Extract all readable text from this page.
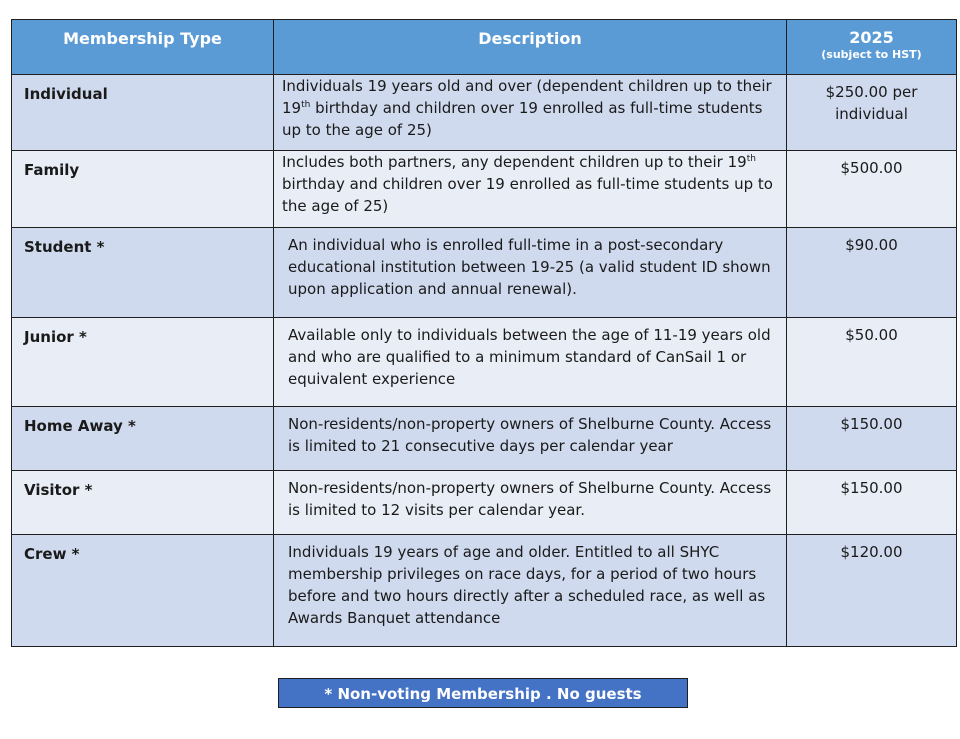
Membership Type	Description	2025
(subject to HST)

Individual	Individuals 19 years old and over (dependent children up to their 19th birthday and children over 19 enrolled as full-time students up to the age of 25)	$250.00 per individual
Family	Includes both partners, any dependent children up to their 19th birthday and children over 19 enrolled as full-time students up to the age of 25)	$500.00
Student *	An individual who is enrolled full-time in a post-secondary educational institution between 19-25 (a valid student ID shown upon application and annual renewal).	$90.00
Junior *	Available only to individuals between the age of 11-19 years old and who are qualified to a minimum standard of CanSail 1 or equivalent experience	$50.00
Home Away *	Non-residents/non-property owners of Shelburne County. Access is limited to 21 consecutive days per calendar year	$150.00
Visitor *	Non-residents/non-property owners of Shelburne County. Access is limited to 12 visits per calendar year.	$150.00
Crew *	Individuals 19 years of age and older. Entitled to all SHYC membership privileges on race days, for a period of two hours before and two hours directly after a scheduled race, as well as Awards Banquet attendance	$120.00
* Non-voting Membership . No guests permitted.
